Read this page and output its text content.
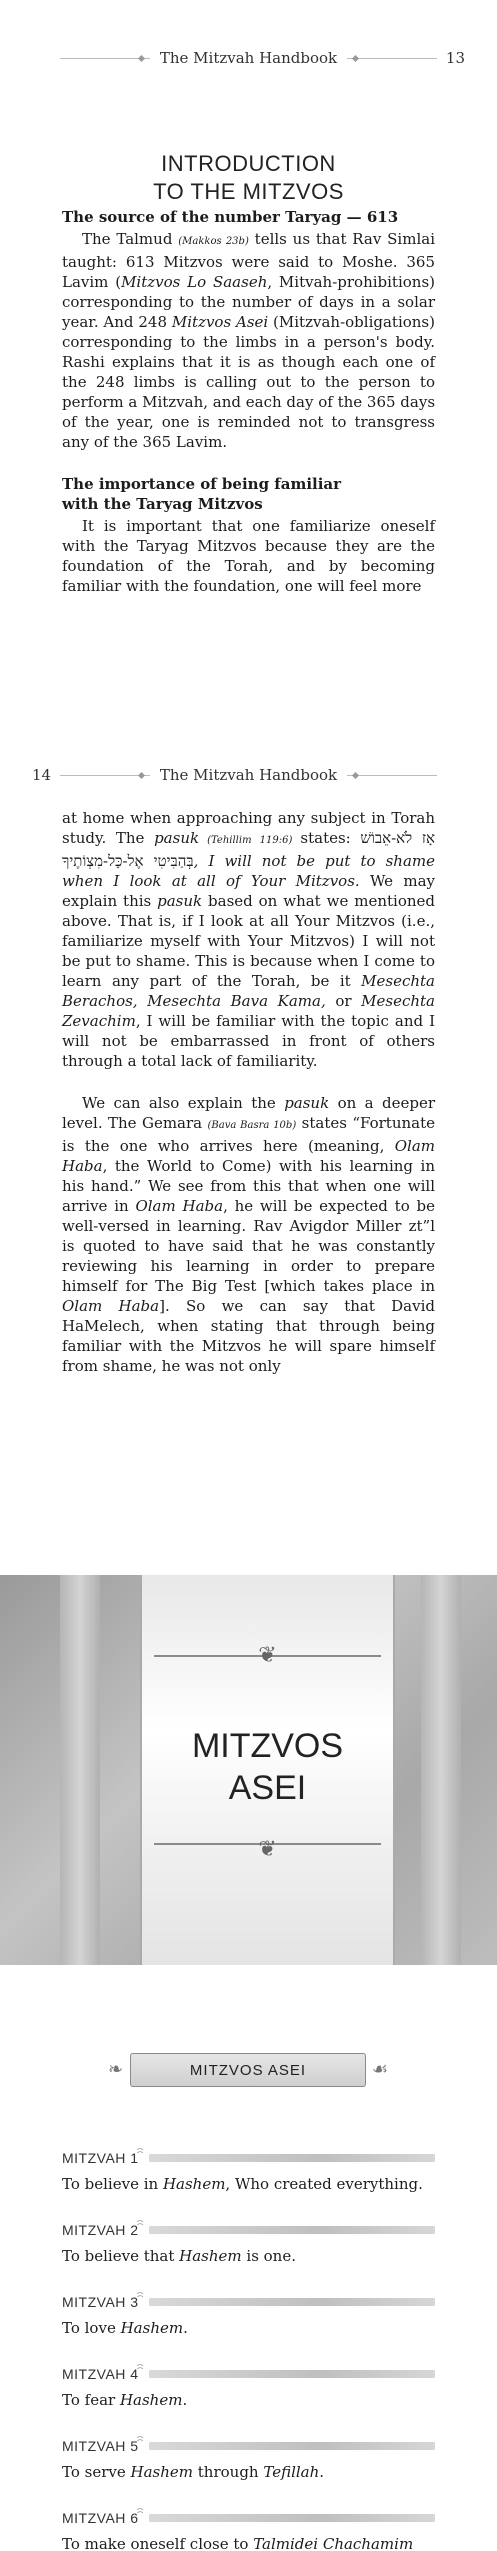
The Mitzvah Handbook	13
INTRODUCTION
TO THE MITZVOS
The source of the number Taryag — 613

The Talmud (Makkos 23b) tells us that Rav Simlai taught: 613 Mitzvos were said to Moshe. 365 Lavim (Mitzvos Lo Saaseh, Mitvah-prohibitions) corresponding to the number of days in a solar year. And 248 Mitzvos Asei (Mitzvah-obligations) corresponding to the limbs in a person's body. Rashi explains that it is as though each one of the 248 limbs is calling out to the person to perform a Mitzvah, and each day of the 365 days of the year, one is reminded not to transgress any of the 365 Lavim.

The importance of being familiar
with the Taryag Mitzvos

It is important that one familiarize oneself with the Taryag Mitzvos because they are the foundation of the Torah, and by becoming familiar with the foundation, one will feel more

14	The Mitzvah Handbook

at home when approaching any subject in Torah study. The pasuk (Tehillim 119:6) states: אָז לֹא-אֵבוֹשׁ בְּהַבִּיטִי אֶל-כָּל-מִצְוֹתֶיךָ, I will not be put to shame when I look at all of Your Mitzvos. We may explain this pasuk based on what we mentioned above. That is, if I look at all Your Mitzvos (i.e., familiarize myself with Your Mitzvos) I will not be put to shame. This is because when I come to learn any part of the Torah, be it Mesechta Berachos, Mesechta Bava Kama, or Mesechta Zevachim, I will be familiar with the topic and I will not be embarrassed in front of others through a total lack of familiarity.

We can also explain the pasuk on a deeper level. The Gemara (Bava Basra 10b) states “Fortunate is the one who arrives here (meaning, Olam Haba, the World to Come) with his learning in his hand.” We see from this that when one will arrive in Olam Haba, he will be expected to be well-versed in learning. Rav Avigdor Miller zt”l is quoted to have said that he was constantly reviewing his learning in order to prepare himself for The Big Test [which takes place in Olam Haba]. So we can say that David HaMelech, when stating that through being familiar with the Mitzvos he will spare himself from shame, he was not only

❦
MITZVOS
ASEI
❦
❧	MITZVOS ASEI	☙
MITZVAH 1
To believe in Hashem, Who created everything.
MITZVAH 2
To believe that Hashem is one.
MITZVAH 3
To love Hashem.
MITZVAH 4
To fear Hashem.
MITZVAH 5
To serve Hashem through Tefillah.
MITZVAH 6
To make oneself close to Talmidei Chachamim
